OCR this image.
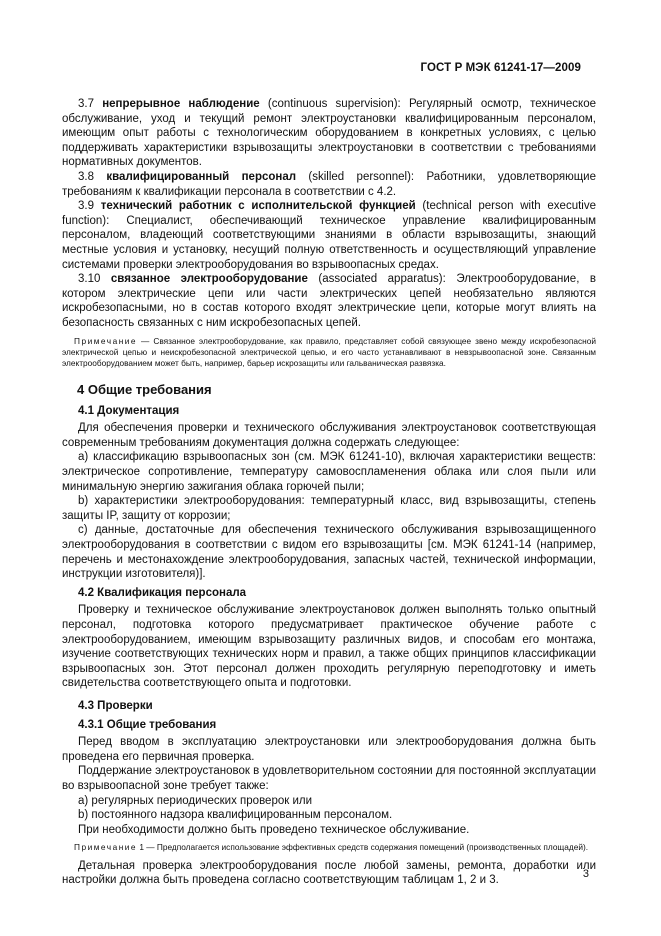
ГОСТ Р МЭК 61241-17—2009

3.7 непрерывное наблюдение (continuous supervision): Регулярный осмотр, техническое обслуживание, уход и текущий ремонт электроустановки квалифицированным персоналом, имеющим опыт работы с технологическим оборудованием в конкретных условиях, с целью поддерживать характеристики взрывозащиты электроустановки в соответствии с требованиями нормативных документов.

3.8 квалифицированный персонал (skilled personnel): Работники, удовлетворяющие требованиям к квалификации персонала в соответствии с 4.2.

3.9 технический работник с исполнительской функцией (technical person with executive function): Специалист, обеспечивающий техническое управление квалифицированным персоналом, владеющий соответствующими знаниями в области взрывозащиты, знающий местные условия и установку, несущий полную ответственность и осуществляющий управление системами проверки электрооборудования во взрывоопасных средах.

3.10 связанное электрооборудование (associated apparatus): Электрооборудование, в котором электрические цепи или части электрических цепей необязательно являются искробезопасными, но в состав которого входят электрические цепи, которые могут влиять на безопасность связанных с ним искробезопасных цепей.

Примечание — Связанное электрооборудование, как правило, представляет собой связующее звено между искробезопасной электрической цепью и неискробезопасной электрической цепью, и его часто устанавливают в невзрывоопасной зоне. Связанным электрооборудованием может быть, например, барьер искрозащиты или гальваническая развязка.

4 Общие требования
4.1 Документация

Для обеспечения проверки и технического обслуживания электроустановок соответствующая современным требованиям документация должна содержать следующее:

а) классификацию взрывоопасных зон (см. МЭК 61241-10), включая характеристики веществ: электрическое сопротивление, температуру самовоспламенения облака или слоя пыли или минимальную энергию зажигания облака горючей пыли;

b) характеристики электрооборудования: температурный класс, вид взрывозащиты, степень защиты IP, защиту от коррозии;

с) данные, достаточные для обеспечения технического обслуживания взрывозащищенного электрооборудования в соответствии с видом его взрывозащиты [см. МЭК 61241-14 (например, перечень и местонахождение электрооборудования, запасных частей, технической информации, инструкции изготовителя)].

4.2 Квалификация персонала

Проверку и техническое обслуживание электроустановок должен выполнять только опытный персонал, подготовка которого предусматривает практическое обучение работе с электрооборудованием, имеющим взрывозащиту различных видов, и способам его монтажа, изучение соответствующих технических норм и правил, а также общих принципов классификации взрывоопасных зон. Этот персонал должен проходить регулярную переподготовку и иметь свидетельства соответствующего опыта и подготовки.

4.3 Проверки
4.3.1 Общие требования

Перед вводом в эксплуатацию электроустановки или электрооборудования должна быть проведена его первичная проверка.

Поддержание электроустановок в удовлетворительном состоянии для постоянной эксплуатации во взрывоопасной зоне требует также:

а) регулярных периодических проверок или

b) постоянного надзора квалифицированным персоналом.

При необходимости должно быть проведено техническое обслуживание.

Примечание 1 — Предполагается использование эффективных средств содержания помещений (производственных площадей).

Детальная проверка электрооборудования после любой замены, ремонта, доработки или настройки должна быть проведена согласно соответствующим таблицам 1, 2 и 3.

3
